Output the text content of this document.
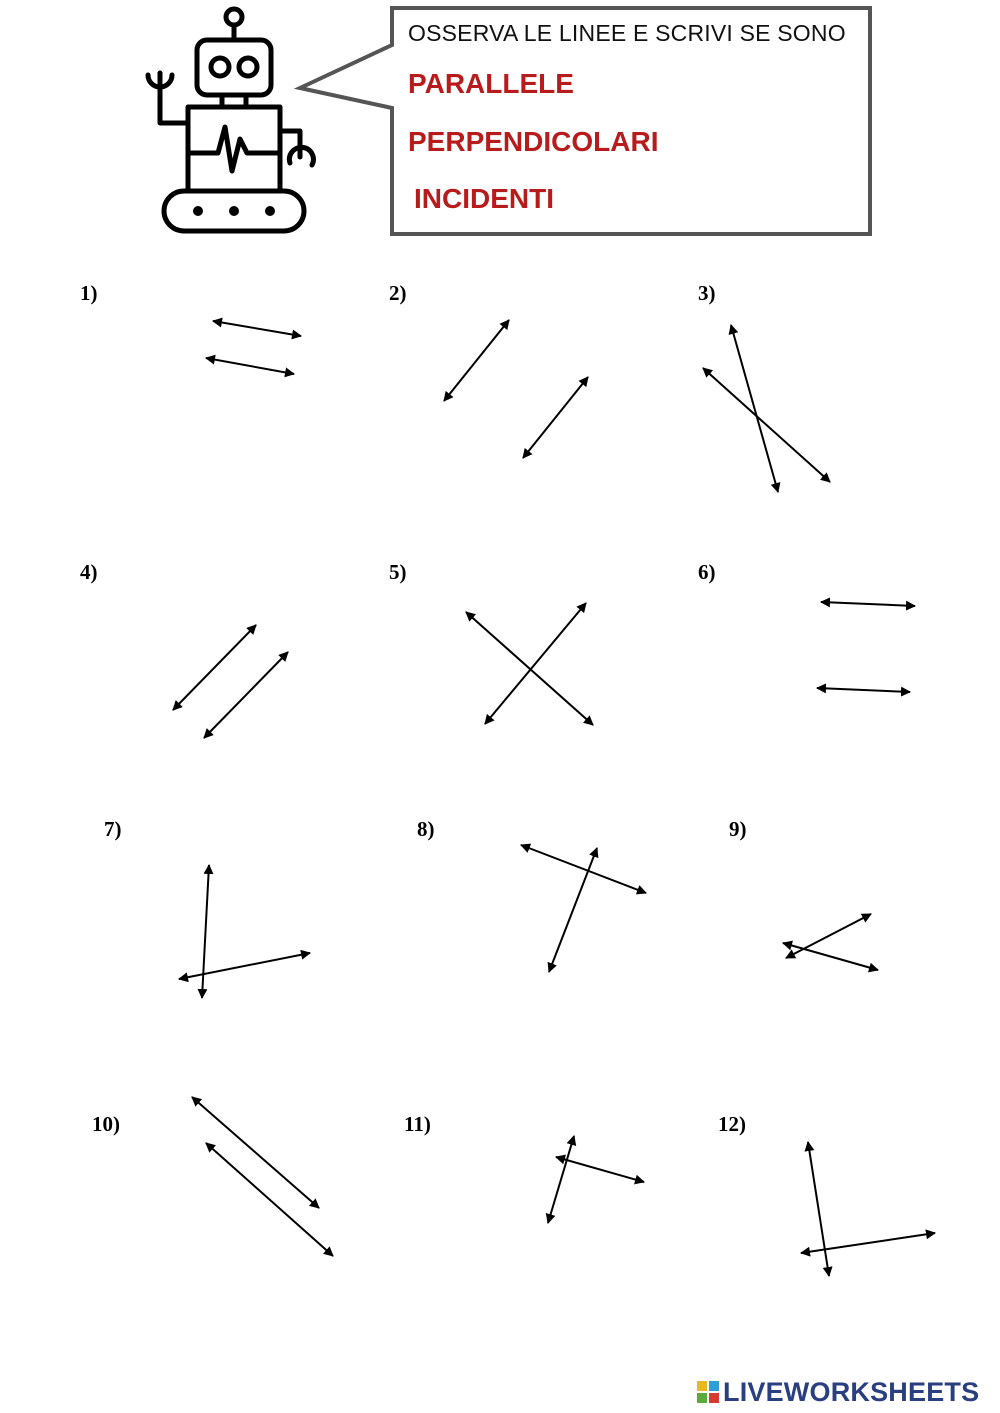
OSSERVA LE LINEE E SCRIVI SE SONO
PARALLELE
PERPENDICOLARI
INCIDENTI
1)	2)	3)
4)	5)	6)
7)	8)	9)
10)	11)	12)
LIVEWORKSHEETS
